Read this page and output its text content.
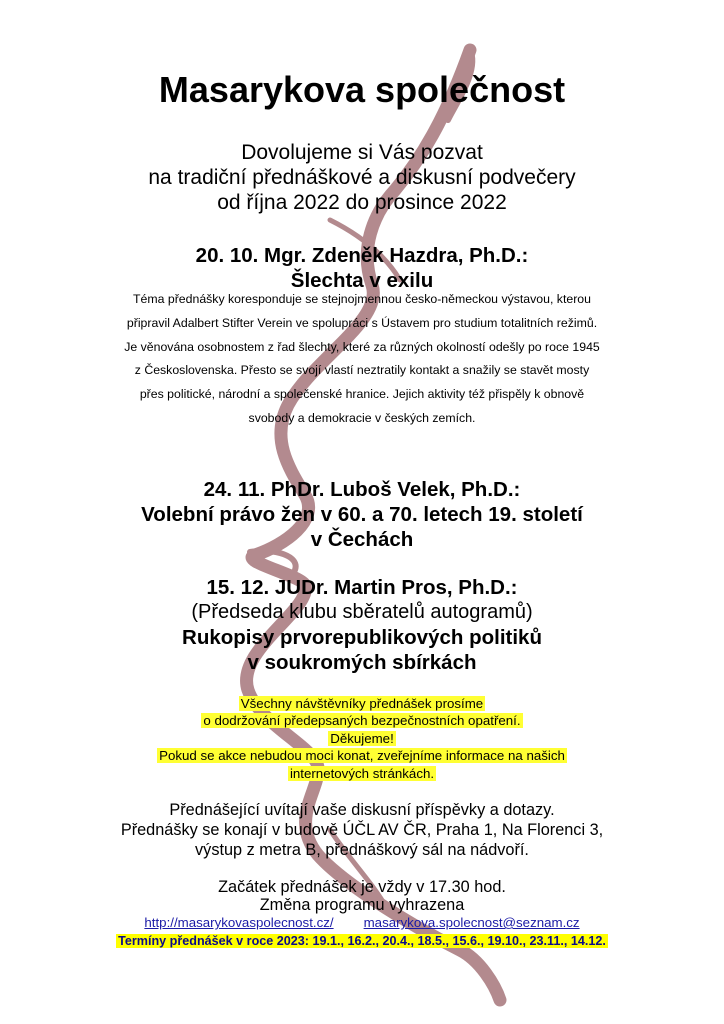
Masarykova společnost
Dovolujeme si Vás pozvat
na tradiční přednáškové a diskusní podvečery
od října 2022 do prosince 2022
20. 10. Mgr. Zdeněk Hazdra, Ph.D.:
Šlechta v exilu
Téma přednášky koresponduje se stejnojmennou česko-německou výstavou, kterou
připravil Adalbert Stifter Verein ve spolupráci s Ústavem pro studium totalitních režimů.
Je věnována osobnostem z řad šlechty, které za různých okolností odešly po roce 1945
z Československa. Přesto se svojí vlastí neztratily kontakt a snažily se stavět mosty
přes politické, národní a společenské hranice. Jejich aktivity též přispěly k obnově
svobody a demokracie v českých zemích.
24. 11. PhDr. Luboš Velek, Ph.D.:
Volební právo žen v 60. a 70. letech 19. století
v Čechách
15. 12. JUDr. Martin Pros, Ph.D.:
(Předseda klubu sběratelů autogramů)
Rukopisy prvorepublikových politiků
v soukromých sbírkách
Všechny návštěvníky přednášek prosíme
o dodržování předepsaných bezpečnostních opatření.
Děkujeme!
Pokud se akce nebudou moci konat, zveřejníme informace na našich
internetových stránkách.
Přednášející uvítají vaše diskusní příspěvky a dotazy.
Přednášky se konají v budově ÚČL AV ČR, Praha 1, Na Florenci 3,
výstup z metra B, přednáškový sál na nádvoří.
Začátek přednášek je vždy v 17.30 hod.
Změna programu vyhrazena
http://masarykovaspolecnost.cz/ masarykova.spolecnost@seznam.cz
Termíny přednášek v roce 2023: 19.1., 16.2., 20.4., 18.5., 15.6., 19.10., 23.11., 14.12.
